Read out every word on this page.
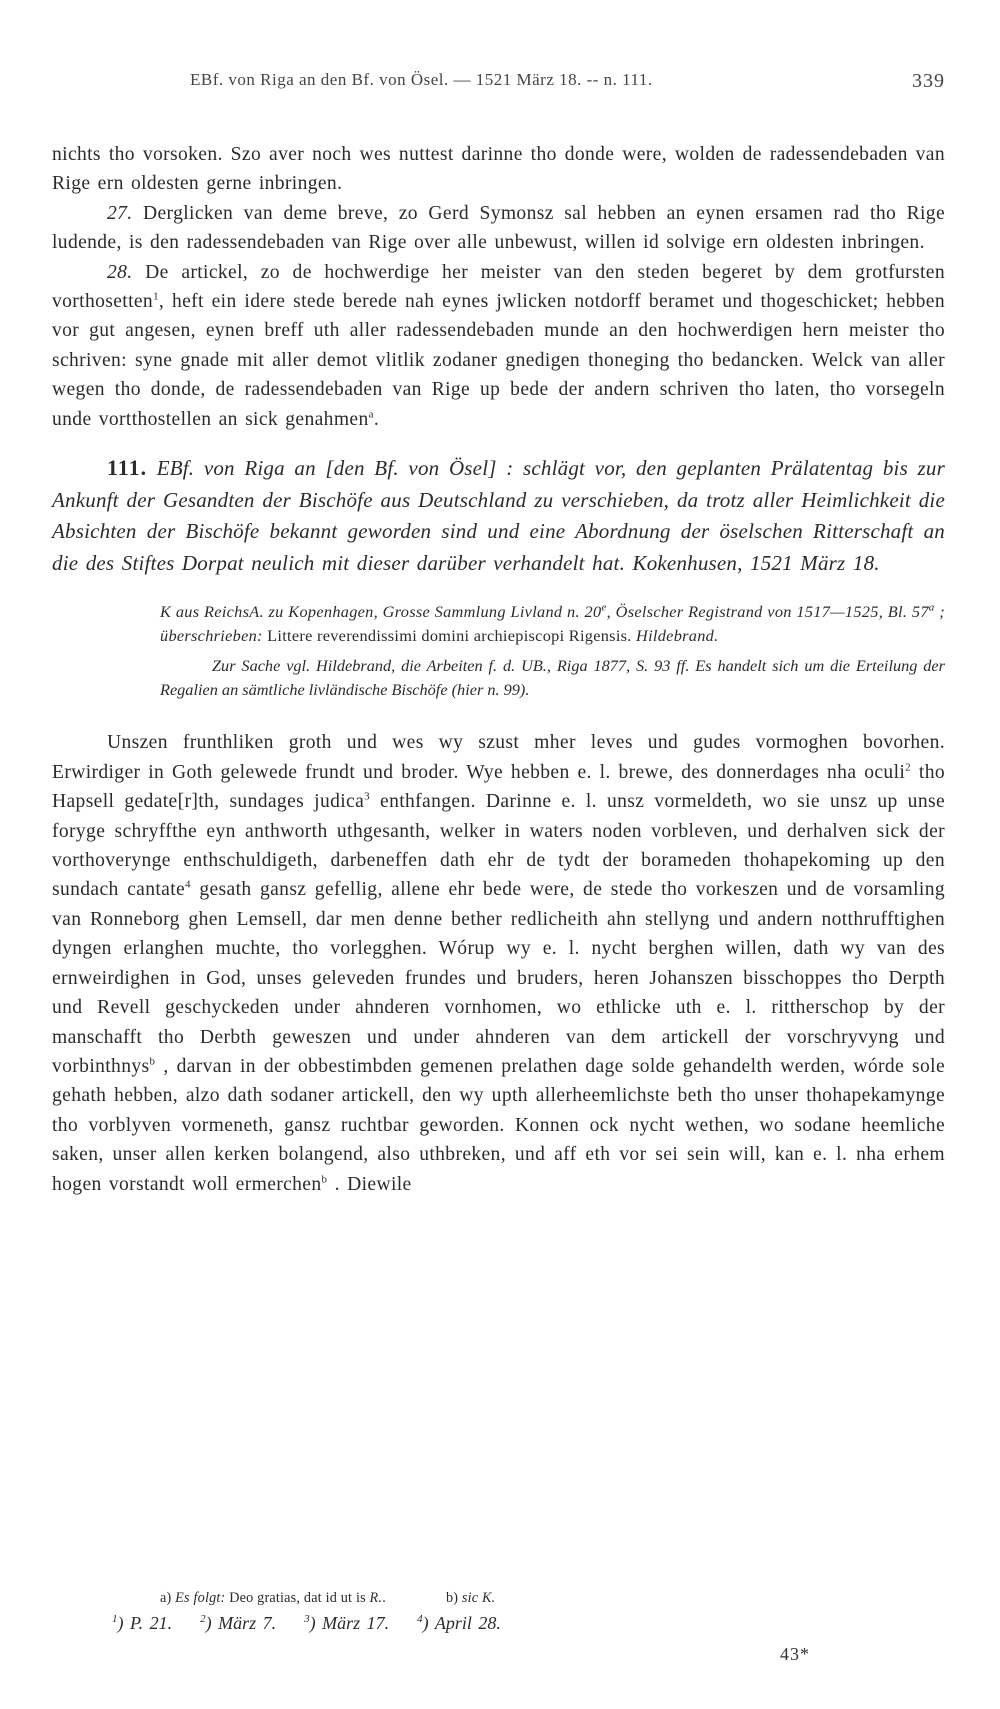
EBf. von Riga an den Bf. von Ösel. — 1521 März 18. -- n. 111.	339

nichts tho vorsoken. Szo aver noch wes nuttest darinne tho donde were, wolden de radessendebaden van Rige ern oldesten gerne inbringen.

27. Derglicken van deme breve, zo Gerd Symonsz sal hebben an eynen ersamen rad tho Rige ludende, is den radessendebaden van Rige over alle unbewust, willen id solvige ern oldesten inbringen.

28. De artickel, zo de hochwerdige her meister van den steden begeret by dem grotfursten vorthosetten$^1$, heft ein idere stede berede nah eynes jwlicken notdorff beramet und thogeschicket; hebben vor gut angesen, eynen breff uth aller radessendebaden munde an den hochwerdigen hern meister tho schriven: syne gnade mit aller demot vlitlik zodaner gnedigen thoneging tho bedancken. Welck van aller wegen tho donde, de radessendebaden van Rige up bede der andern schriven tho laten, tho vorsegeln unde vortthostellen an sick genahmen$^a$.

111. EBf. von Riga an [den Bf. von Ösel] : schlägt vor, den geplanten Prälatentag bis zur Ankunft der Gesandten der Bischöfe aus Deutschland zu verschieben, da trotz aller Heimlichkeit die Absichten der Bischöfe bekannt geworden sind und eine Abordnung der öselschen Ritterschaft an die des Stiftes Dorpat neulich mit dieser darüber verhandelt hat. Kokenhusen, 1521 März 18.

K aus ReichsA. zu Kopenhagen, Grosse Sammlung Livland n. 20e, Öselscher Registrand von 1517—1525, Bl. 57$^a$ ; überschrieben: Littere reverendissimi domini archiepiscopi Rigensis. Hildebrand.

Zur Sache vgl. Hildebrand, die Arbeiten f. d. UB., Riga 1877, S. 93 ff. Es handelt sich um die Erteilung der Regalien an sämtliche livländische Bischöfe (hier n. 99).

Unszen frunthliken groth und wes wy szust mher leves und gudes vormoghen bovorhen. Erwirdiger in Goth gelewede frundt und broder. Wye hebben e. l. brewe, des donnerdages nha oculi$^2$ tho Hapsell gedate[r]th, sundages judica$^3$ enthfangen. Darinne e. l. unsz vormeldeth, wo sie unsz up unse foryge schryffthe eyn anthworth uthgesanth, welker in waters noden vorbleven, und derhalven sick der vorthoverynge enthschuldigeth, darbeneffen dath ehr de tydt der borameden thohapekoming up den sundach cantate$^4$ gesath gansz gefellig, allene ehr bede were, de stede tho vorkeszen und de vorsamling van Ronneborg ghen Lemsell, dar men denne bether redlicheith ahn stellyng und andern notthrufftighen dyngen erlanghen muchte, tho vorlegghen. Wórup wy e. l. nycht berghen willen, dath wy van des ernweirdighen in God, unses geleveden frundes und bruders, heren Johanszen bisschoppes tho Derpth und Revell geschyckeden under ahnderen vornhomen, wo ethlicke uth e. l. rittherschop by der manschafft tho Derbth geweszen und under ahnderen van dem artickell der vorschryvyng und vorbinthnys$^b$ , darvan in der obbestimbden gemenen prelathen dage solde gehandelth werden, wórde sole gehath hebben, alzo dath sodaner artickell, den wy upth allerheemlichste beth tho unser thohapekamynge tho vorblyven vormeneth, gansz ruchtbar geworden. Konnen ock nycht wethen, wo sodane heemliche saken, unser allen kerken bolangend, also uthbreken, und aff eth vor sei sein will, kan e. l. nha erhem hogen vorstandt woll ermerchen$^b$ . Diewile

a) Es folgt: Deo gratias, dat id ut is R..	b) sic K.
$^1$) P. 21.	$^2$) März 7.	$^3$) März 17.	$^4$) April 28.
43*
